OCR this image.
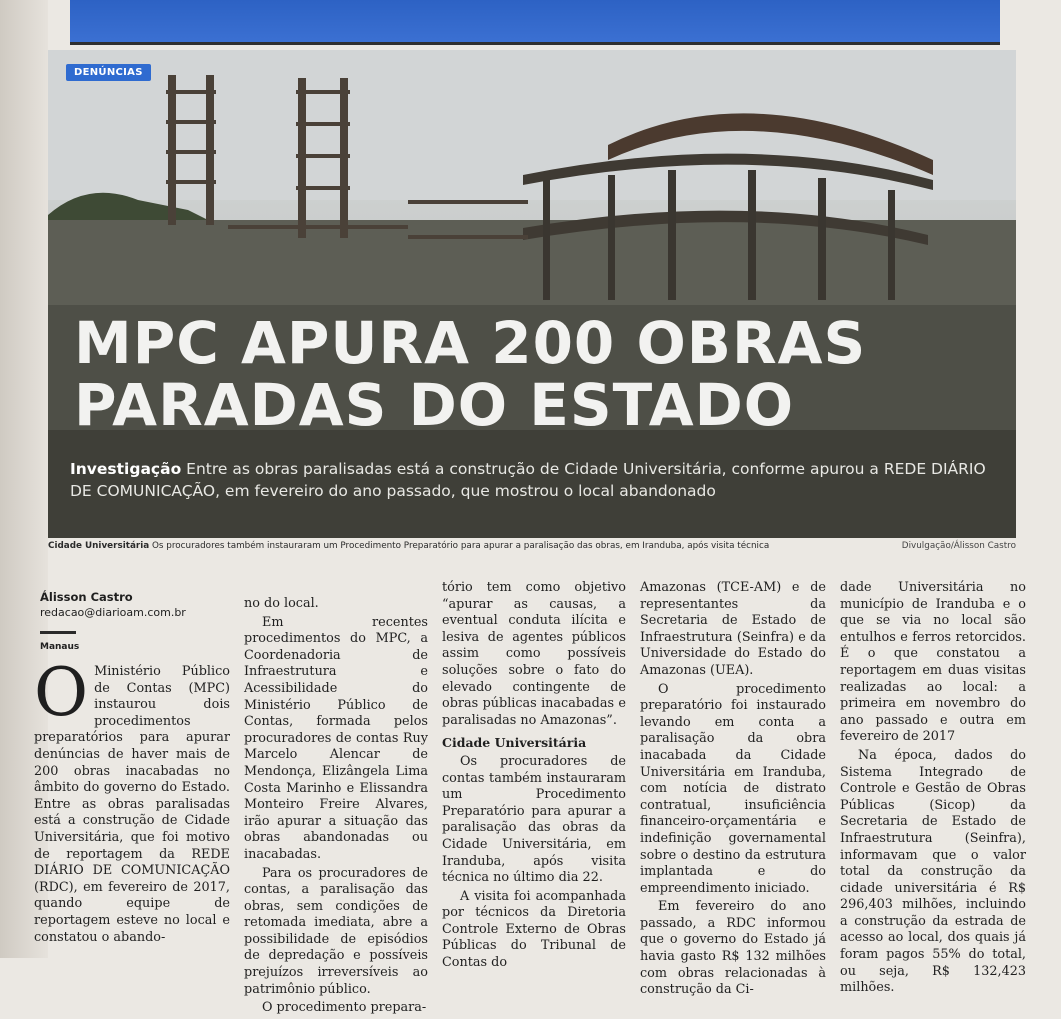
DENÚNCIAS
MPC APURA 200 OBRAS
PARADAS DO ESTADO

Investigação Entre as obras paralisadas está a construção de Cidade Universitária, conforme apurou a REDE DIÁRIO DE COMUNICAÇÃO, em fevereiro do ano passado, que mostrou o local abandonado

Cidade Universitária Os procuradores também instauraram um Procedimento Preparatório para apurar a paralisação das obras, em Iranduba, após visita técnica	Divulgação/Álisson Castro
Álisson Castro
redacao@diarioam.com.br
Manaus
O Ministério Público de Contas (MPC) instaurou dois procedimentos preparatórios para apurar denúncias de haver mais de 200 obras inacabadas no âmbito do governo do Estado. Entre as obras paralisadas está a construção de Cidade Universitária, que foi motivo de reportagem da REDE DIÁRIO DE COMUNICAÇÃO (RDC), em fevereiro de 2017, quando equipe de reportagem esteve no local e constatou o abando-

no do local.

Em recentes procedimentos do MPC, a Coordenadoria de Infraestrutura e Acessibilidade do Ministério Público de Contas, formada pelos procuradores de contas Ruy Marcelo Alencar de Mendonça, Elizângela Lima Costa Marinho e Elissandra Monteiro Freire Alvares, irão apurar a situação das obras abandonadas ou inacabadas.

Para os procuradores de contas, a paralisação das obras, sem condições de retomada imediata, abre a possibilidade de episódios de depredação e possíveis prejuízos irreversíveis ao patrimônio público.

O procedimento prepara-

tório tem como objetivo “apurar as causas, a eventual conduta ilícita e lesiva de agentes públicos assim como possíveis soluções sobre o fato do elevado contingente de obras públicas inacabadas e paralisadas no Amazonas”.

Cidade Universitária

Os procuradores de contas também instauraram um Procedimento Preparatório para apurar a paralisação das obras da Cidade Universitária, em Iranduba, após visita técnica no último dia 22.

A visita foi acompanhada por técnicos da Diretoria Controle Externo de Obras Públicas do Tribunal de Contas do

Amazonas (TCE-AM) e de representantes da Secretaria de Estado de Infraestrutura (Seinfra) e da Universidade do Estado do Amazonas (UEA).

O procedimento preparatório foi instaurado levando em conta a paralisação da obra inacabada da Cidade Universitária em Iranduba, com notícia de distrato contratual, insuficiência financeiro-orçamentária e indefinição governamental sobre o destino da estrutura implantada e do empreendimento iniciado.

Em fevereiro do ano passado, a RDC informou que o governo do Estado já havia gasto R$ 132 milhões com obras relacionadas à construção da Ci-

dade Universitária no município de Iranduba e o que se via no local são entulhos e ferros retorcidos. É o que constatou a reportagem em duas visitas realizadas ao local: a primeira em novembro do ano passado e outra em fevereiro de 2017

Na época, dados do Sistema Integrado de Controle e Gestão de Obras Públicas (Sicop) da Secretaria de Estado de Infraestrutura (Seinfra), informavam que o valor total da construção da cidade universitária é R$ 296,403 milhões, incluindo a construção da estrada de acesso ao local, dos quais já foram pagos 55% do total, ou seja, R$ 132,423 milhões.
